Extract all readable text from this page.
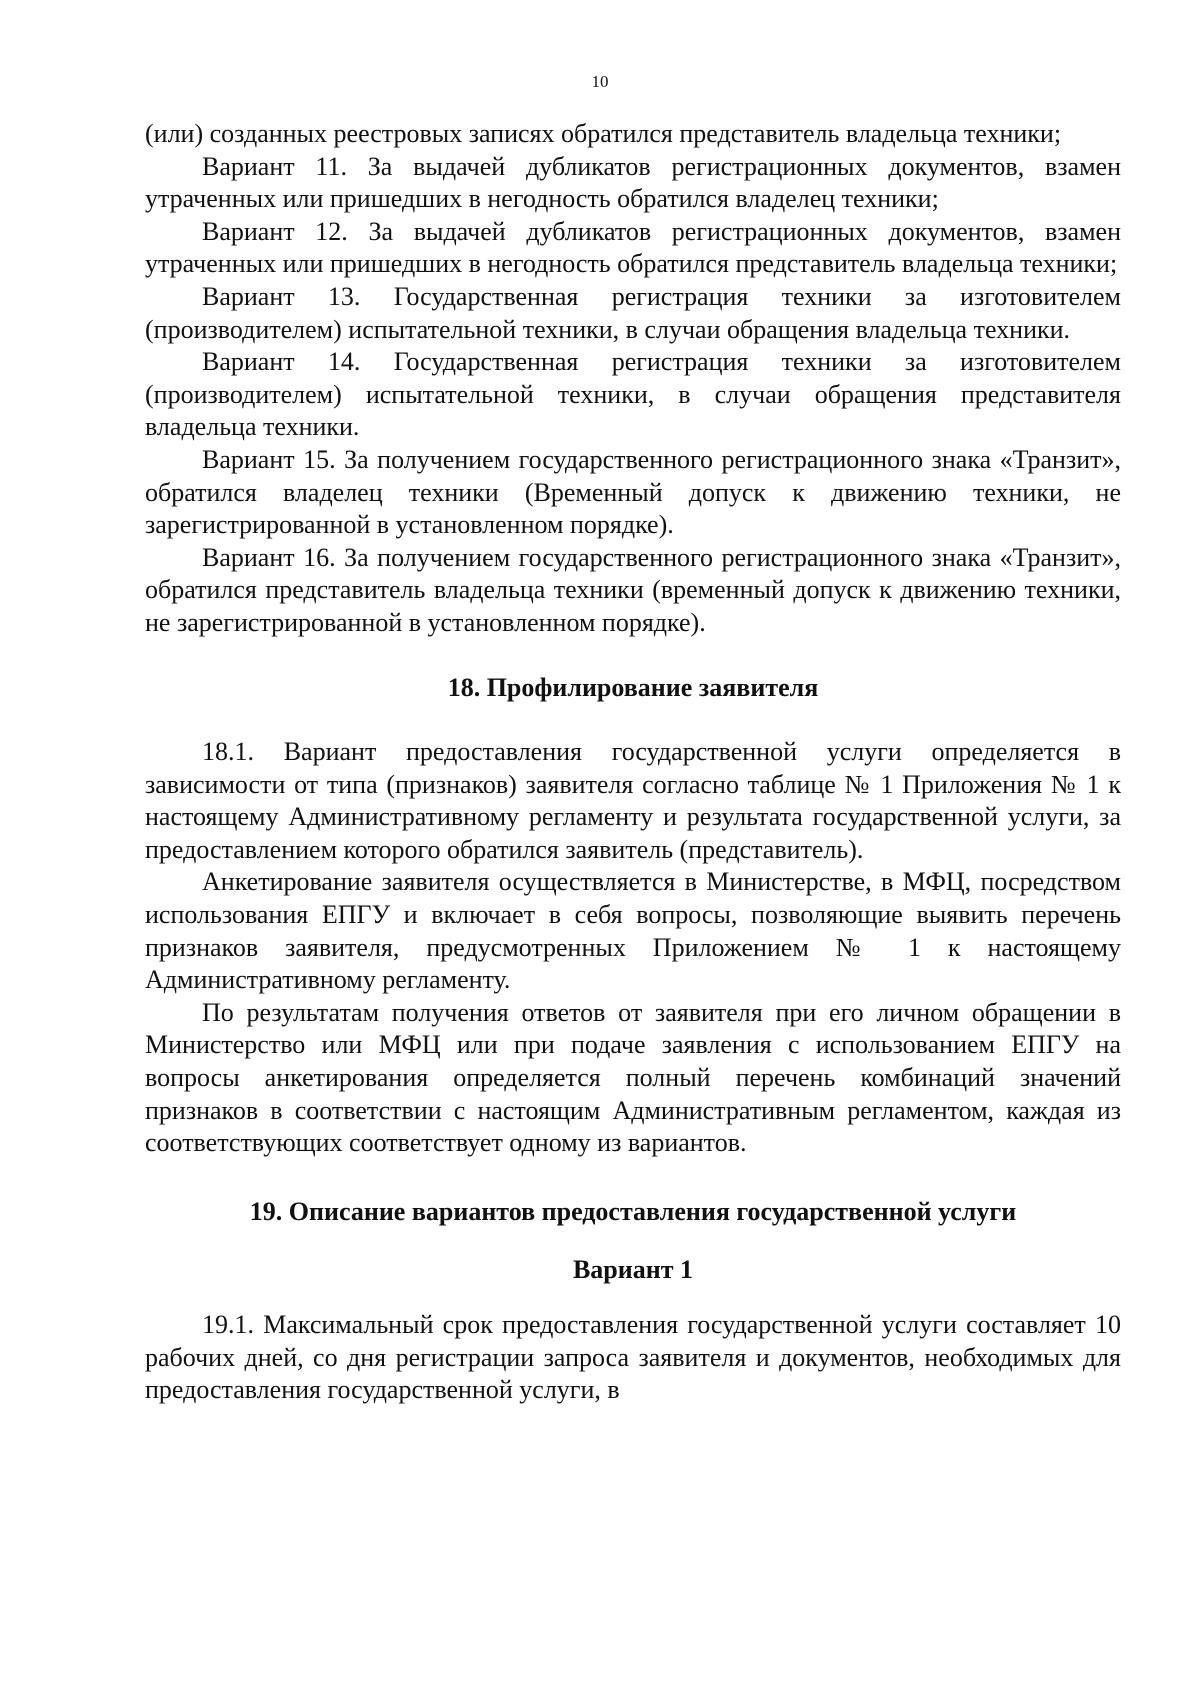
10

(или) созданных реестровых записях обратился представитель владельца техники;

Вариант 11. За выдачей дубликатов регистрационных документов, взамен утраченных или пришедших в негодность обратился владелец техники;

Вариант 12. За выдачей дубликатов регистрационных документов, взамен утраченных или пришедших в негодность обратился представитель владельца техники;

Вариант 13. Государственная регистрация техники за изготовителем (производителем) испытательной техники, в случаи обращения владельца техники.

Вариант 14. Государственная регистрация техники за изготовителем (производителем) испытательной техники, в случаи обращения представителя владельца техники.

Вариант 15. За получением государственного регистрационного знака «Транзит», обратился владелец техники (Временный допуск к движению техники, не зарегистрированной в установленном порядке).

Вариант 16. За получением государственного регистрационного знака «Транзит», обратился представитель владельца техники (временный допуск к движению техники, не зарегистрированной в установленном порядке).

18. Профилирование заявителя

18.1. Вариант предоставления государственной услуги определяется в зависимости от типа (признаков) заявителя согласно таблице № 1 Приложения № 1 к настоящему Административному регламенту и результата государственной услуги, за предоставлением которого обратился заявитель (представитель).

Анкетирование заявителя осуществляется в Министерстве, в МФЦ, посредством использования ЕПГУ и включает в себя вопросы, позволяющие выявить перечень признаков заявителя, предусмотренных Приложением № 1 к настоящему Административному регламенту.

По результатам получения ответов от заявителя при его личном обращении в Министерство или МФЦ или при подаче заявления с использованием ЕПГУ на вопросы анкетирования определяется полный перечень комбинаций значений признаков в соответствии с настоящим Административным регламентом, каждая из соответствующих соответствует одному из вариантов.

19. Описание вариантов предоставления государственной услуги
Вариант 1

19.1. Максимальный срок предоставления государственной услуги составляет 10 рабочих дней, со дня регистрации запроса заявителя и документов, необходимых для предоставления государственной услуги, в
